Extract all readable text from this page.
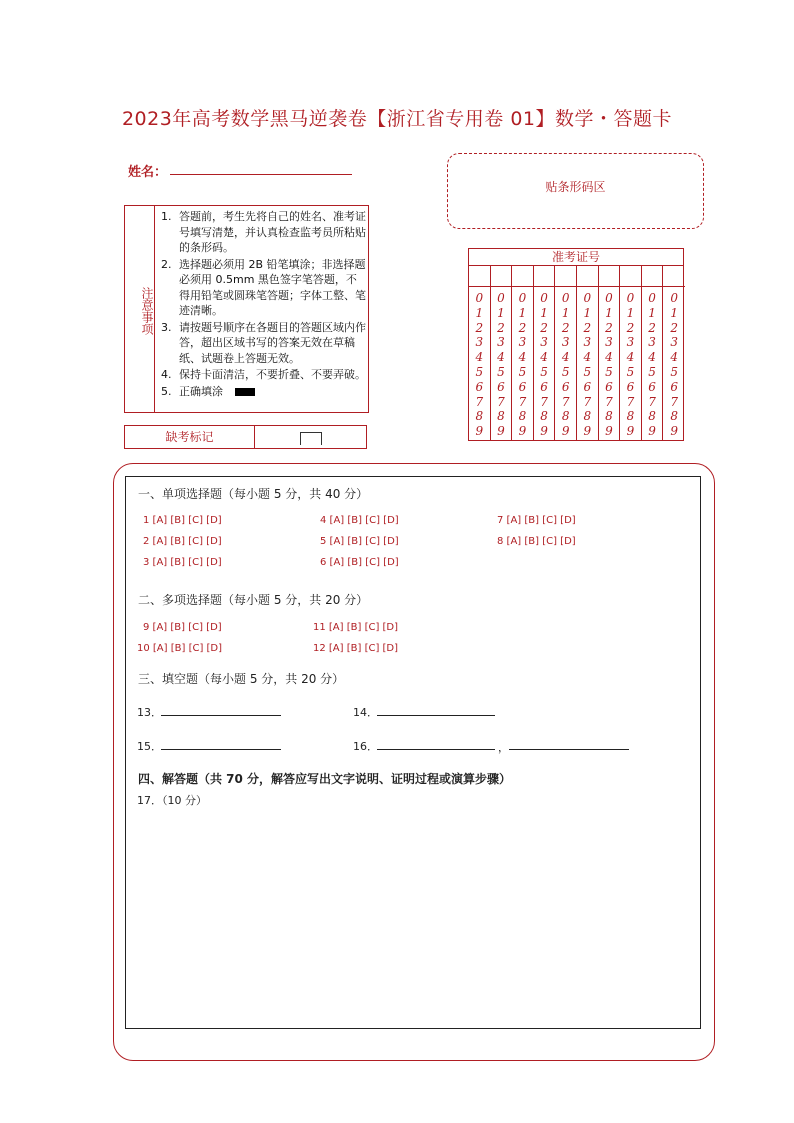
2023年高考数学黑马逆袭卷【浙江省专用卷 01】数学・答题卡
姓名：
贴条形码区
注意事项
1. 答题前，考生先将自己的姓名、准考证号填写清楚，并认真检查监考员所粘贴的条形码。
2. 选择题必须用 2B 铅笔填涂；非选择题必须用 0.5mm 黑色签字笔答题，不得用铅笔或圆珠笔答题；字体工整、笔迹清晰。
3. 请按题号顺序在各题目的答题区域内作答，超出区域书写的答案无效在草稿纸、试题卷上答题无效。
4. 保持卡面清洁，不要折叠、不要弄破。
5. 正确填涂
缺考标记
准考证号
0
1
2
3
4
5
6
7
8
9
0
1
2
3
4
5
6
7
8
9
0
1
2
3
4
5
6
7
8
9
0
1
2
3
4
5
6
7
8
9
0
1
2
3
4
5
6
7
8
9
0
1
2
3
4
5
6
7
8
9
0
1
2
3
4
5
6
7
8
9
0
1
2
3
4
5
6
7
8
9
0
1
2
3
4
5
6
7
8
9
0
1
2
3
4
5
6
7
8
9
一、单项选择题（每小题 5 分，共 40 分）
1 [A] [B] [C] [D]
2 [A] [B] [C] [D]
3 [A] [B] [C] [D]
4 [A] [B] [C] [D]
5 [A] [B] [C] [D]
6 [A] [B] [C] [D]
7 [A] [B] [C] [D]
8 [A] [B] [C] [D]
二、多项选择题（每小题 5 分，共 20 分）
9 [A] [B] [C] [D]
10 [A] [B] [C] [D]
11 [A] [B] [C] [D]
12 [A] [B] [C] [D]
三、填空题（每小题 5 分，共 20 分）
13．	14．
15．	16．	，
四、解答题（共 70 分，解答应写出文字说明、证明过程或演算步骤）
17．（10 分）
